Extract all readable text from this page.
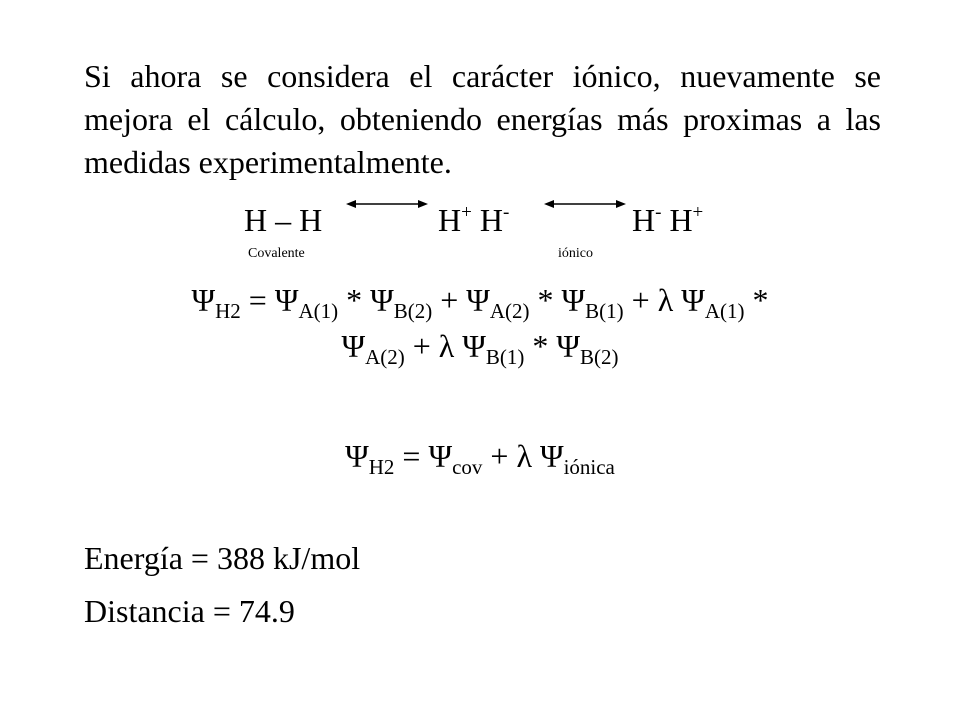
Si ahora se considera el carácter iónico, nuevamente se mejora el cálculo, obteniendo energías más proximas a las medidas experimentalmente.

H – H	H+ H-	H- H+
Covalente	iónico
$\Psi_{H2} = \Psi_{A(1)} * \Psi_{B(2)} + \Psi_{A(2)} * \Psi_{B(1)} + \lambda$ $\Psi_{A(1)}$ *
$\Psi_{A(2)} + \lambda$ $\Psi_{B(1)} * \Psi_{B(2)}$
$\Psi_{H2} = \Psi_{cov} + \lambda$ $\Psi_{iónica}$
Energía = 388 kJ/mol
Distancia = 74.9
